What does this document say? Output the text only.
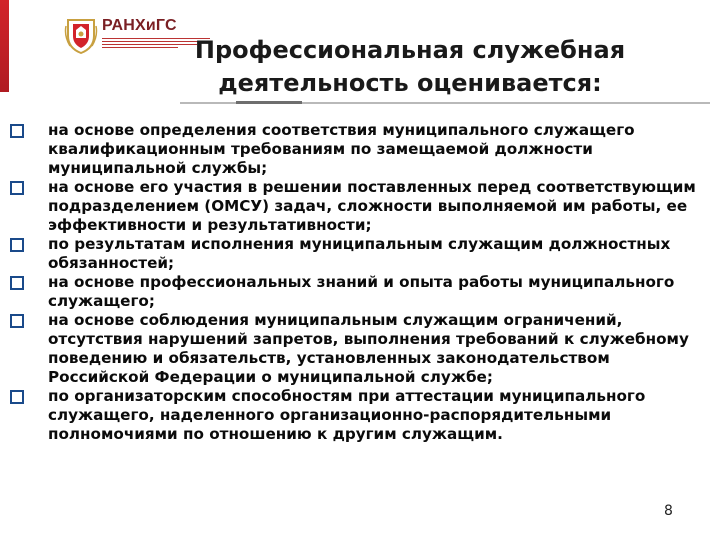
РАНХиГС
Профессиональная служебная
деятельность оценивается:
на основе определения соответствия муниципального служащего квалификационным требованиям по замещаемой должности муниципальной службы;
на основе его участия в решении поставленных перед соответствующим подразделением (ОМСУ) задач, сложности выполняемой им работы, ее эффективности и результативности;
по результатам исполнения муниципальным служащим должностных обязанностей;
на основе профессиональных знаний и опыта работы муниципального служащего;
на основе соблюдения муниципальным служащим ограничений, отсутствия нарушений запретов, выполнения требований к служебному поведению и обязательств, установленных законодательством Российской Федерации о муниципальной службе;
по организаторским способностям при аттестации муниципального служащего, наделенного организационно-распорядительными полномочиями по отношению к другим служащим.
8
